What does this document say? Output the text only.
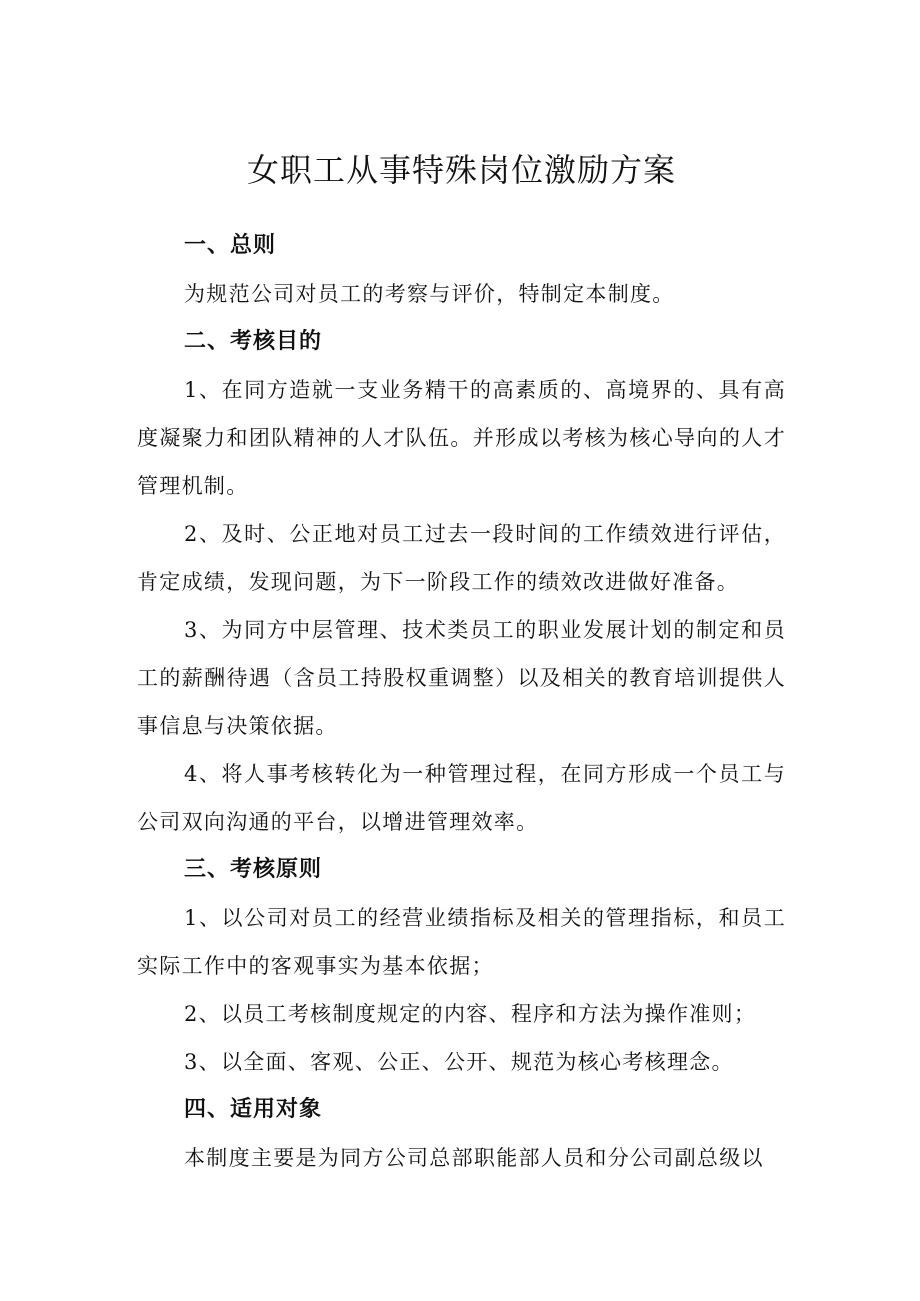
女职工从事特殊岗位激励方案
一、总则

为规范公司对员工的考察与评价，特制定本制度。

二、考核目的

1、在同方造就一支业务精干的高素质的、高境界的、具有高度凝聚力和团队精神的人才队伍。并形成以考核为核心导向的人才管理机制。

2、及时、公正地对员工过去一段时间的工作绩效进行评估，肯定成绩，发现问题，为下一阶段工作的绩效改进做好准备。

3、为同方中层管理、技术类员工的职业发展计划的制定和员工的薪酬待遇（含员工持股权重调整）以及相关的教育培训提供人事信息与决策依据。

4、将人事考核转化为一种管理过程，在同方形成一个员工与公司双向沟通的平台，以增进管理效率。

三、考核原则

1、以公司对员工的经营业绩指标及相关的管理指标，和员工实际工作中的客观事实为基本依据；

2、以员工考核制度规定的内容、程序和方法为操作准则；

3、以全面、客观、公正、公开、规范为核心考核理念。

四、适用对象

本制度主要是为同方公司总部职能部人员和分公司副总级以
